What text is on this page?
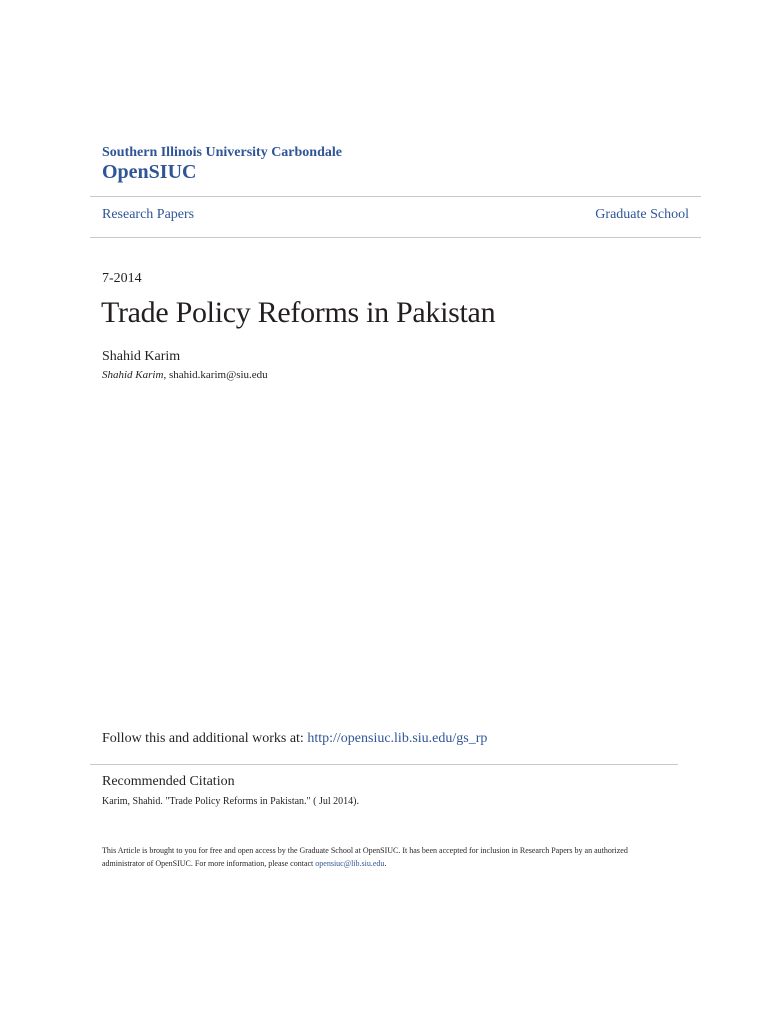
Southern Illinois University Carbondale
OpenSIUC
Research Papers	Graduate School
7-2014
Trade Policy Reforms in Pakistan
Shahid Karim
Shahid Karim, shahid.karim@siu.edu
Follow this and additional works at: http://opensiuc.lib.siu.edu/gs_rp
Recommended Citation
Karim, Shahid. "Trade Policy Reforms in Pakistan." ( Jul 2014).
This Article is brought to you for free and open access by the Graduate School at OpenSIUC. It has been accepted for inclusion in Research Papers by an authorized administrator of OpenSIUC. For more information, please contact opensiuc@lib.siu.edu.
